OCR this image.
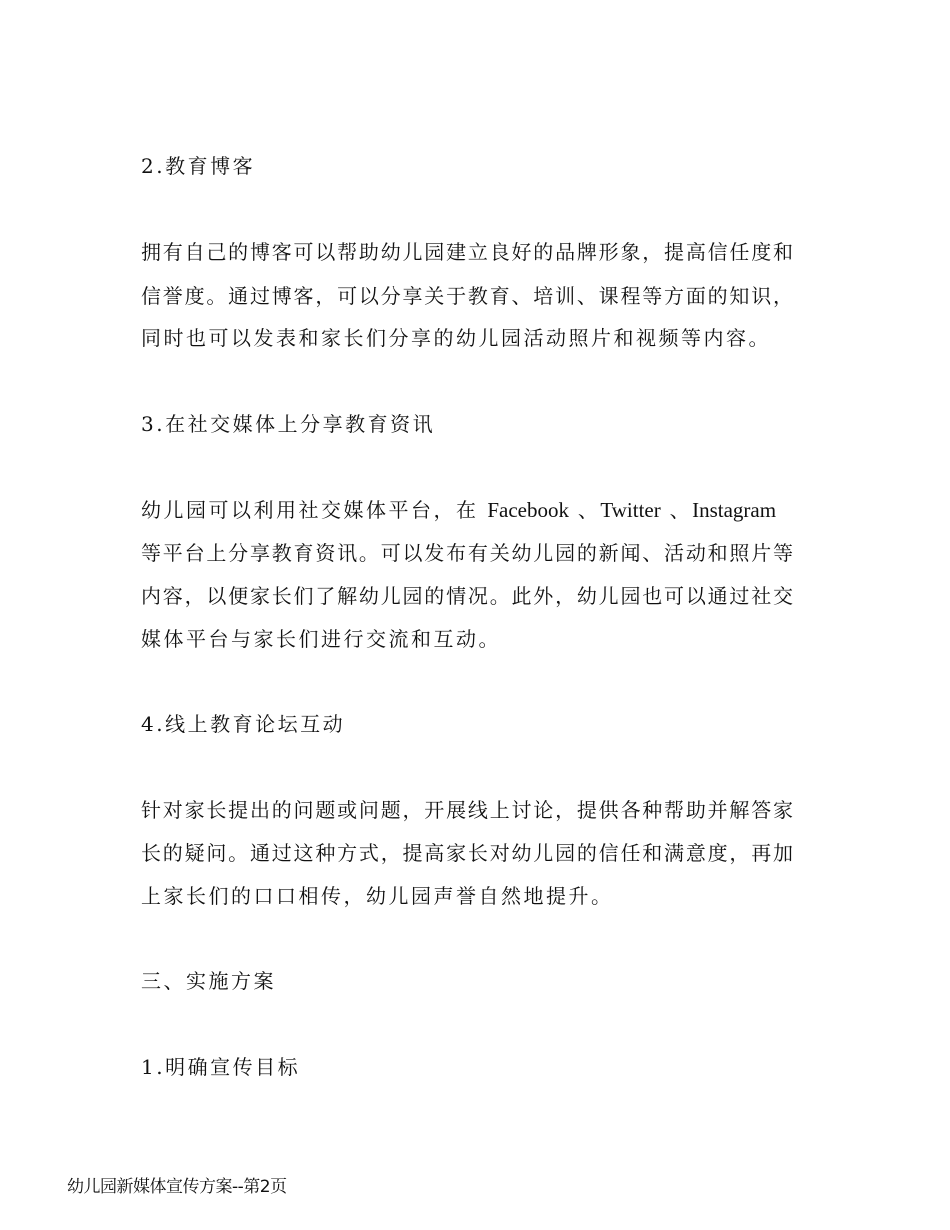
2.教育博客
拥有自己的博客可以帮助幼儿园建立良好的品牌形象，提高信任度和
信誉度。通过博客，可以分享关于教育、培训、课程等方面的知识，
同时也可以发表和家长们分享的幼儿园活动照片和视频等内容。
3.在社交媒体上分享教育资讯
幼儿园可以利用社交媒体平台，在 Facebook 、Twitter 、Instagram
等平台上分享教育资讯。可以发布有关幼儿园的新闻、活动和照片等
内容，以便家长们了解幼儿园的情况。此外，幼儿园也可以通过社交
媒体平台与家长们进行交流和互动。
4.线上教育论坛互动
针对家长提出的问题或问题，开展线上讨论，提供各种帮助并解答家
长的疑问。通过这种方式，提高家长对幼儿园的信任和满意度，再加
上家长们的口口相传，幼儿园声誉自然地提升。
三、实施方案
1.明确宣传目标
幼儿园新媒体宣传方案--第2页
